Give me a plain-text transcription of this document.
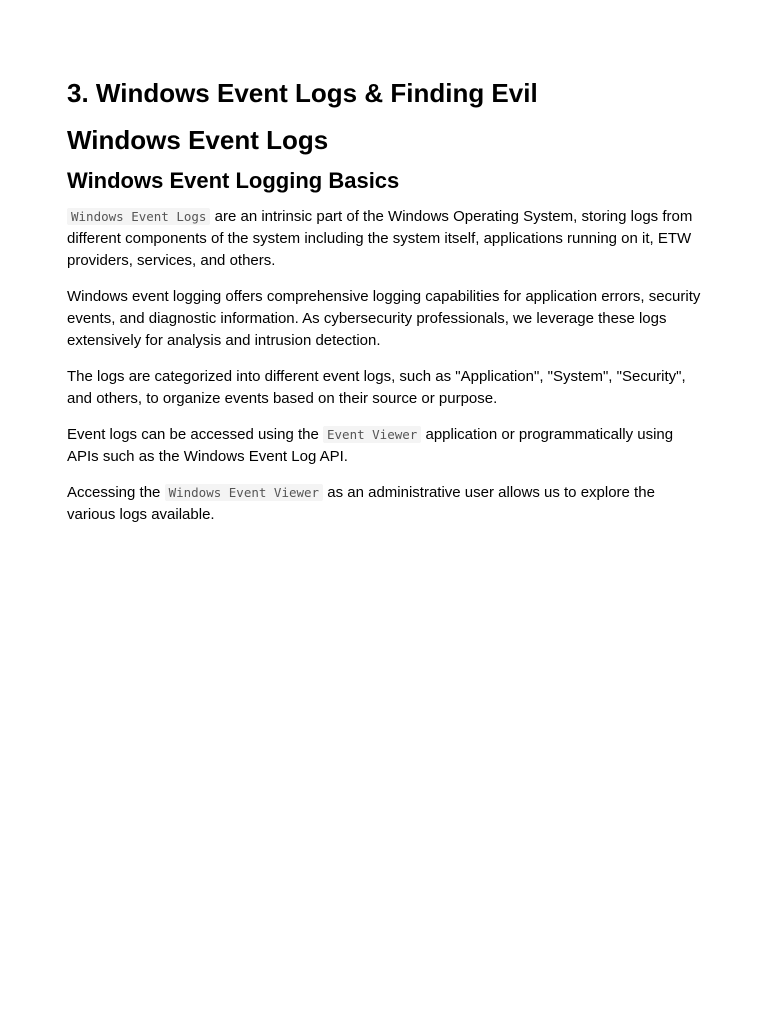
3. Windows Event Logs & Finding Evil
Windows Event Logs
Windows Event Logging Basics

Windows Event Logs are an intrinsic part of the Windows Operating System, storing logs from different components of the system including the system itself, applications running on it, ETW providers, services, and others.

Windows event logging offers comprehensive logging capabilities for application errors, security events, and diagnostic information. As cybersecurity professionals, we leverage these logs extensively for analysis and intrusion detection.

The logs are categorized into different event logs, such as "Application", "System", "Security", and others, to organize events based on their source or purpose.

Event logs can be accessed using the Event Viewer application or programmatically using APIs such as the Windows Event Log API.

Accessing the Windows Event Viewer as an administrative user allows us to explore the various logs available.
